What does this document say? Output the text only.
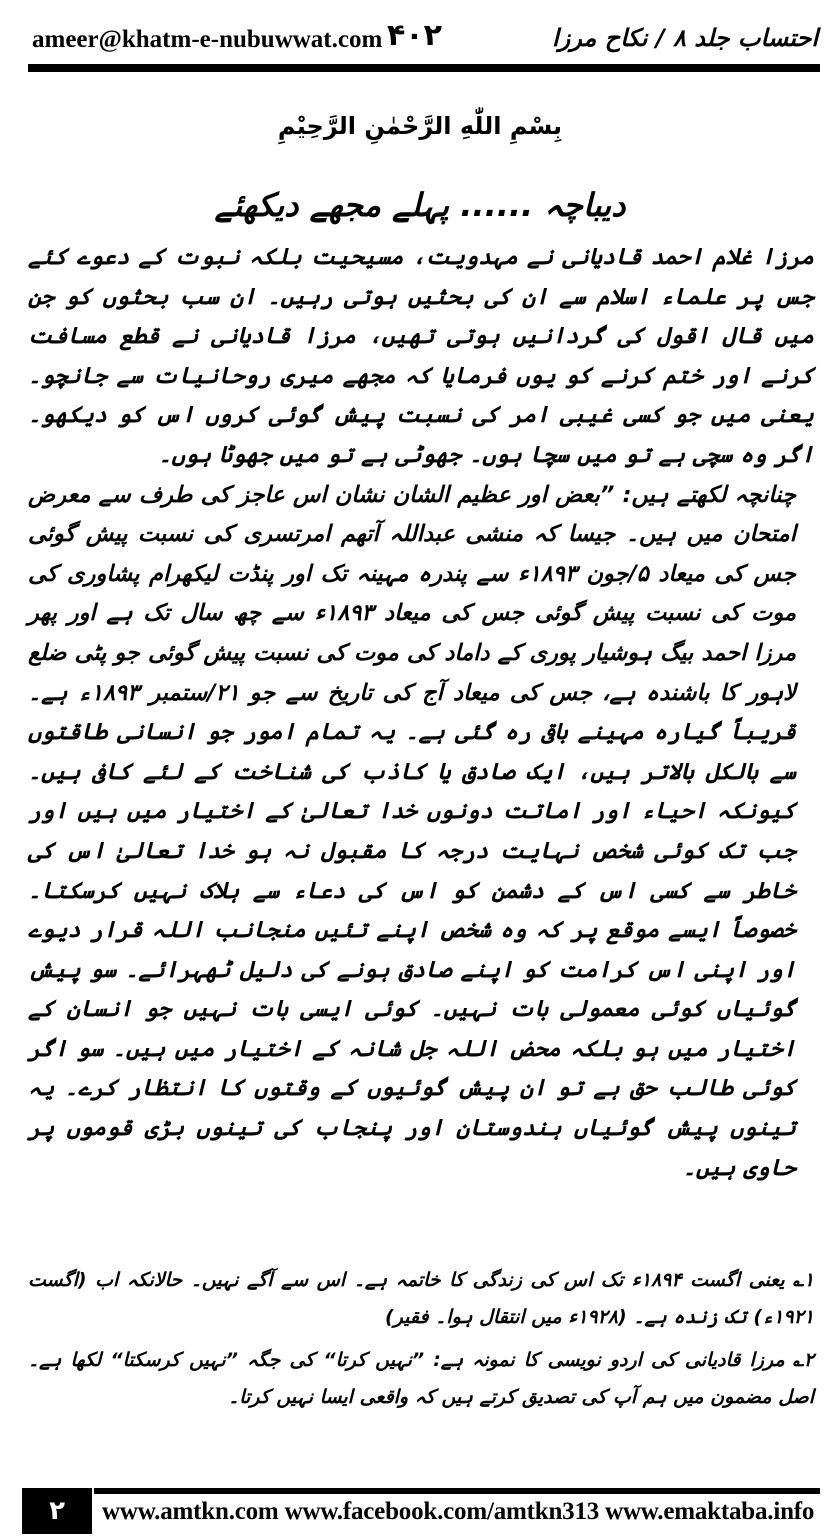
ameer@khatm-e-nubuwwat.com ۴۰۲	احتساب جلد ۸ / نکاح مرزا
بِسْمِ اللّٰهِ الرَّحْمٰنِ الرَّحِيْمِ
دیباچہ ...... پہلے مجھے دیکھئے

مرزا غلام احمد قادیانی نے مہدویت، مسیحیت بلکہ نبوت کے دعوے کئے جس پر علماء اسلام سے ان کی بحثیں ہوتی رہیں۔ ان سب بحثوں کو جن میں قال اقول کی گردانیں ہوتی تھیں، مرزا قادیانی نے قطع مسافت کرنے اور ختم کرنے کو یوں فرمایا کہ مجھے میری روحانیات سے جانچو۔ یعنی میں جو کسی غیبی امر کی نسبت پیش گوئی کروں اس کو دیکھو۔ اگر وہ سچی ہے تو میں سچا ہوں۔ جھوٹی ہے تو میں جھوٹا ہوں۔

چنانچہ لکھتے ہیں: ”بعض اور عظیم الشان نشان اس عاجز کی طرف سے معرض امتحان میں ہیں۔ جیسا کہ منشی عبداللہ آتھم امرتسری کی نسبت پیش گوئی جس کی میعاد ۵/جون ۱۸۹۳ء سے پندرہ مہینہ تک اور پنڈت لیکھرام پشاوری کی موت کی نسبت پیش گوئی جس کی میعاد ۱۸۹۳ء سے چھ سال تک ہے اور پھر مرزا احمد بیگ ہوشیار پوری کے داماد کی موت کی نسبت پیش گوئی جو پٹی ضلع لاہور کا باشندہ ہے، جس کی میعاد آج کی تاریخ سے جو ۲۱/ستمبر ۱۸۹۳ء ہے۔ قریباً گیارہ مہینے باقی رہ گئی ہے۔ یہ تمام امور جو انسانی طاقتوں سے بالکل بالاتر ہیں، ایک صادق یا کاذب کی شناخت کے لئے کافی ہیں۔ کیونکہ احیاء اور اماتت دونوں خدا تعالیٰ کے اختیار میں ہیں اور جب تک کوئی شخص نہایت درجہ کا مقبول نہ ہو خدا تعالیٰ اس کی خاطر سے کسی اس کے دشمن کو اس کی دعاء سے ہلاک نہیں کرسکتا۔ خصوصاً ایسے موقع پر کہ وہ شخص اپنے تئیں منجانب اللہ قرار دیوے اور اپنی اس کرامت کو اپنے صادق ہونے کی دلیل ٹھہرائے۔ سو پیش گوئیاں کوئی معمولی بات نہیں۔ کوئی ایسی بات نہیں جو انسان کے اختیار میں ہو بلکہ محض اللہ جل شانہ کے اختیار میں ہیں۔ سو اگر کوئی طالب حق ہے تو ان پیش گوئیوں کے وقتوں کا انتظار کرے۔ یہ تینوں پیش گوئیاں ہندوستان اور پنجاب کی تینوں بڑی قوموں پر حاوی ہیں۔

۱؎یعنی اگست ۱۸۹۴ء تک اس کی زندگی کا خاتمہ ہے۔ اس سے آگے نہیں۔ حالانکہ اب (اگست ۱۹۲۱ء) تک زندہ ہے۔ (۱۹۲۸ء میں انتقال ہوا۔ فقیر)

۲؎مرزا قادیانی کی اردو نویسی کا نمونہ ہے: ”نہیں کرتا“ کی جگہ ”نہیں کرسکتا“ لکھا ہے۔ اصل مضمون میں ہم آپ کی تصدیق کرتے ہیں کہ واقعی ایسا نہیں کرتا۔

۲	www.amtkn.com www.facebook.com/amtkn313 www.emaktaba.info
